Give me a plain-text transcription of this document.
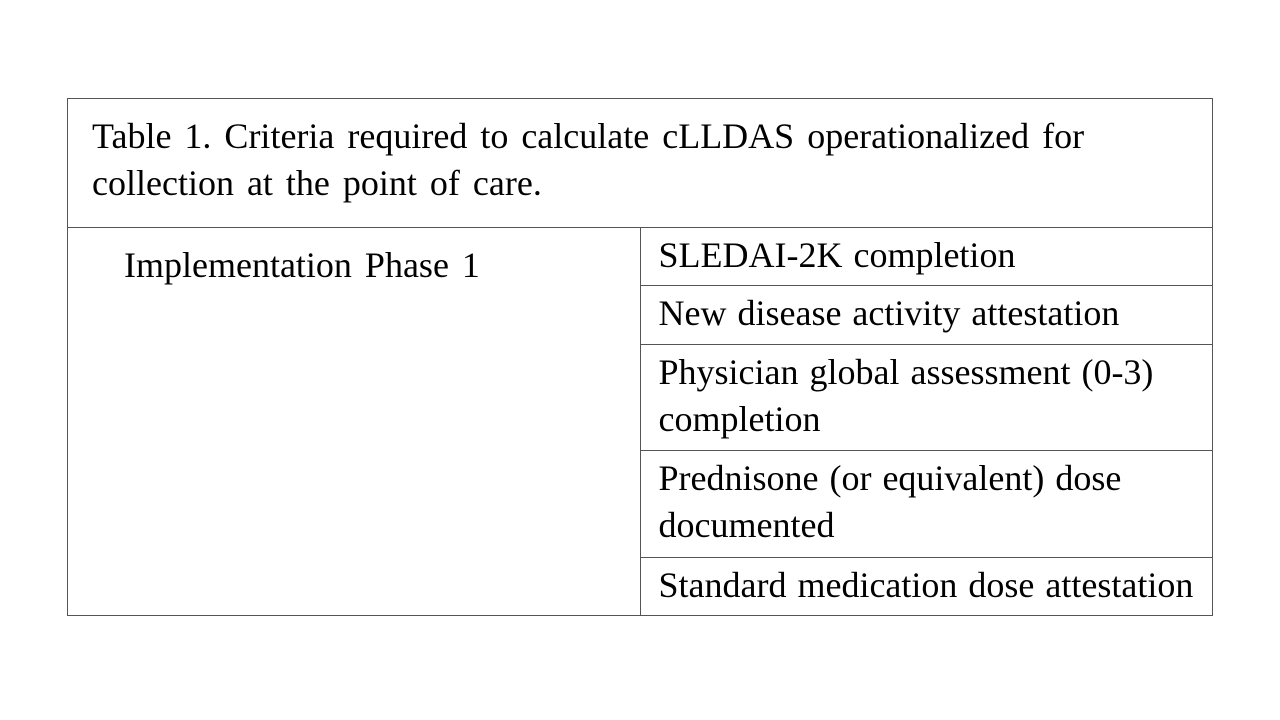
Table 1. Criteria required to calculate cLLDAS operationalized for collection at the point of care.

Implementation Phase 1	SLEDAI-2K completion

New disease activity attestation

Physician global assessment (0-3) completion

Prednisone (or equivalent) dose documented

Standard medication dose attestation
